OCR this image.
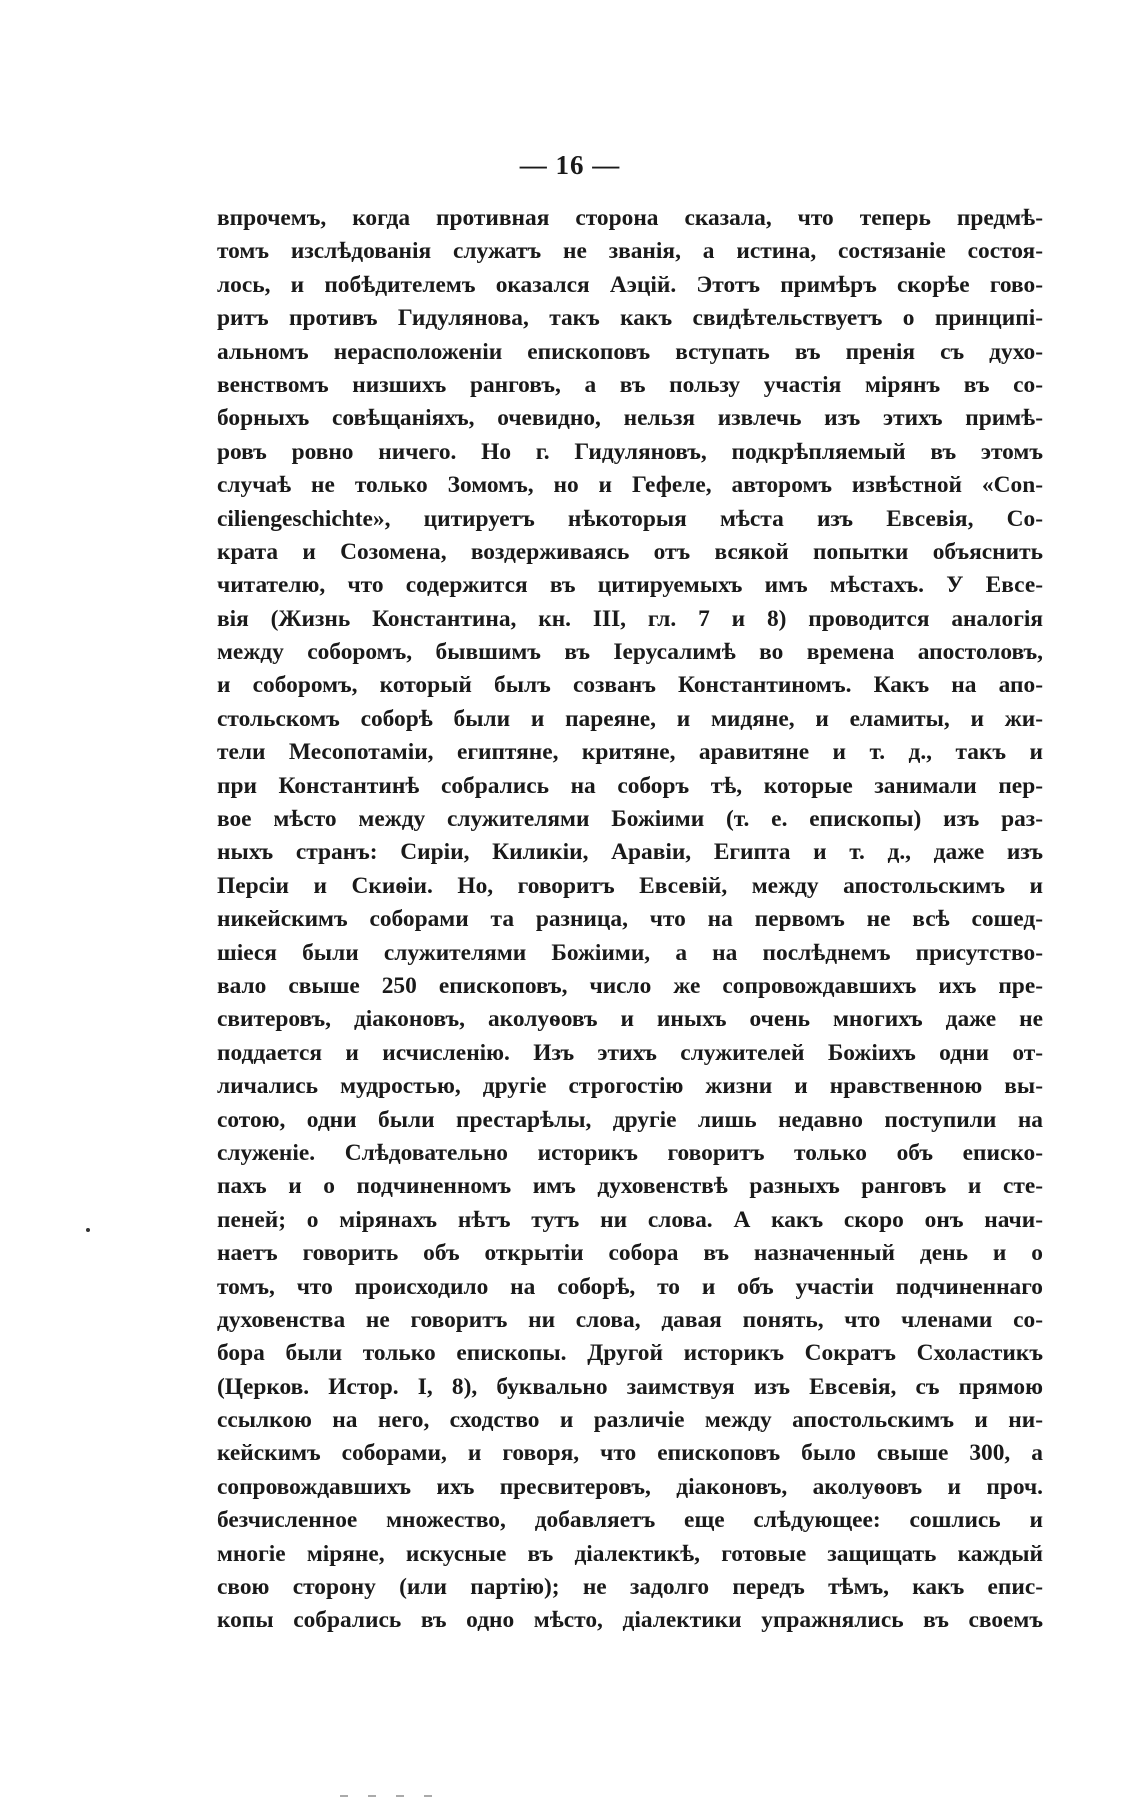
— 16 —
впрочемъ, когда противная сторона сказала, что теперь предмѣ-
томъ изслѣдованія служатъ не званія, а истина, состязаніе состоя-
лось, и побѣдителемъ оказался Аэцій. Этотъ примѣръ скорѣе гово-
ритъ противъ Гидулянова, такъ какъ свидѣтельствуетъ о принципі-
альномъ нерасположеніи епископовъ вступать въ пренія съ духо-
венствомъ низшихъ ранговъ, а въ пользу участія мірянъ въ со-
борныхъ совѣщаніяхъ, очевидно, нельзя извлечь изъ этихъ примѣ-
ровъ ровно ничего. Но г. Гидуляновъ, подкрѣпляемый въ этомъ
случаѣ не только Зомомъ, но и Гефеле, авторомъ извѣстной «Con-
ciliengeschichte», цитируетъ нѣкоторыя мѣста изъ Евсевія, Со-
крата и Созомена, воздерживаясь отъ всякой попытки объяснить
читателю, что содержится въ цитируемыхъ имъ мѣстахъ. У Евсе-
вія (Жизнь Константина, кн. III, гл. 7 и 8) проводится аналогія
между соборомъ, бывшимъ въ Іерусалимѣ во времена апостоловъ,
и соборомъ, который былъ созванъ Константиномъ. Какъ на апо-
стольскомъ соборѣ были и пареяне, и мидяне, и еламиты, и жи-
тели Месопотаміи, египтяне, критяне, аравитяне и т. д., такъ и
при Константинѣ собрались на соборъ тѣ, которые занимали пер-
вое мѣсто между служителями Божіими (т. е. епископы) изъ раз-
ныхъ странъ: Сиріи, Киликіи, Аравіи, Египта и т. д., даже изъ
Персіи и Скиѳіи. Но, говоритъ Евсевій, между апостольскимъ и
никейскимъ соборами та разница, что на первомъ не всѣ сошед-
шіеся были служителями Божіими, а на послѣднемъ присутство-
вало свыше 250 епископовъ, число же сопровождавшихъ ихъ пре-
свитеровъ, діаконовъ, аколуѳовъ и иныхъ очень многихъ даже не
поддается и исчисленію. Изъ этихъ служителей Божіихъ одни от-
личались мудростью, другіе строгостію жизни и нравственною вы-
сотою, одни были престарѣлы, другіе лишь недавно поступили на
служеніе. Слѣдовательно историкъ говоритъ только объ еписко-
пахъ и о подчиненномъ имъ духовенствѣ разныхъ ранговъ и сте-
пеней; о мірянахъ нѣтъ тутъ ни слова. А какъ скоро онъ начи-
наетъ говорить объ открытіи собора въ назначенный день и о
томъ, что происходило на соборѣ, то и объ участіи подчиненнаго
духовенства не говоритъ ни слова, давая понять, что членами со-
бора были только епископы. Другой историкъ Сократъ Схоластикъ
(Церков. Истор. I, 8), буквально заимствуя изъ Евсевія, съ прямою
ссылкою на него, сходство и различіе между апостольскимъ и ни-
кейскимъ соборами, и говоря, что епископовъ было свыше 300, а
сопровождавшихъ ихъ пресвитеровъ, діаконовъ, аколуѳовъ и проч.
безчисленное множество, добавляетъ еще слѣдующее: сошлись и
многіе міряне, искусные въ діалектикѣ, готовые защищать каждый
свою сторону (или партію); не задолго передъ тѣмъ, какъ епис-
копы собрались въ одно мѣсто, діалектики упражнялись въ своемъ
